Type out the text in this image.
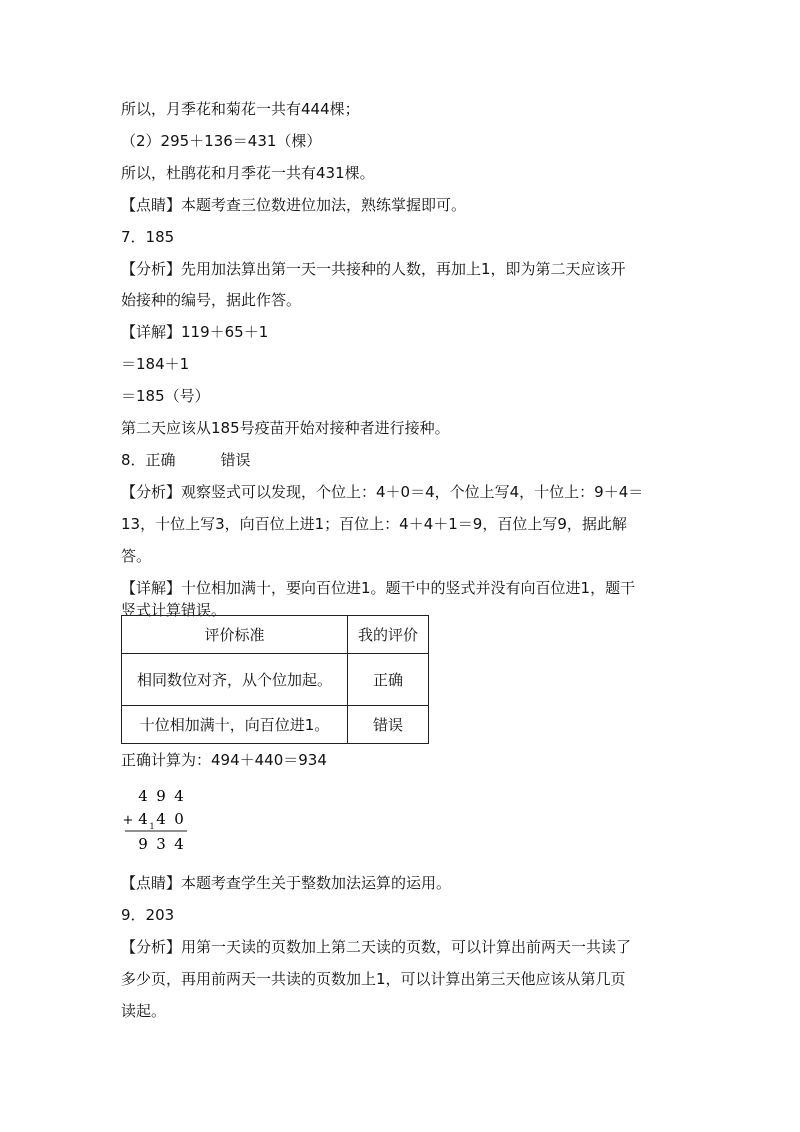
所以，月季花和菊花一共有444棵；
（2）295＋136＝431（棵）
所以，杜鹃花和月季花一共有431棵。
【点睛】本题考查三位数进位加法，熟练掌握即可。
7．185
【分析】先用加法算出第一天一共接种的人数，再加上1，即为第二天应该开
始接种的编号，据此作答。
【详解】119＋65＋1
＝184＋1
＝185（号）
第二天应该从185号疫苗开始对接种者进行接种。
8．正确　　　错误
【分析】观察竖式可以发现，个位上：4＋0＝4，个位上写4，十位上：9＋4＝
13，十位上写3，向百位上进1；百位上：4＋4＋1＝9，百位上写9，据此解
答。
【详解】十位相加满十，要向百位进1。题干中的竖式并没有向百位进1，题干
竖式计算错误。
评价标准	我的评价

相同数位对齐，从个位加起。	正确
十位相加满十，向百位进1。	错误
正确计算为：494＋440＝934
4 9 4
+ 4 1 4 0
9 3 4
【点睛】本题考查学生关于整数加法运算的运用。
9．203
【分析】用第一天读的页数加上第二天读的页数，可以计算出前两天一共读了
多少页，再用前两天一共读的页数加上1，可以计算出第三天他应该从第几页
读起。
